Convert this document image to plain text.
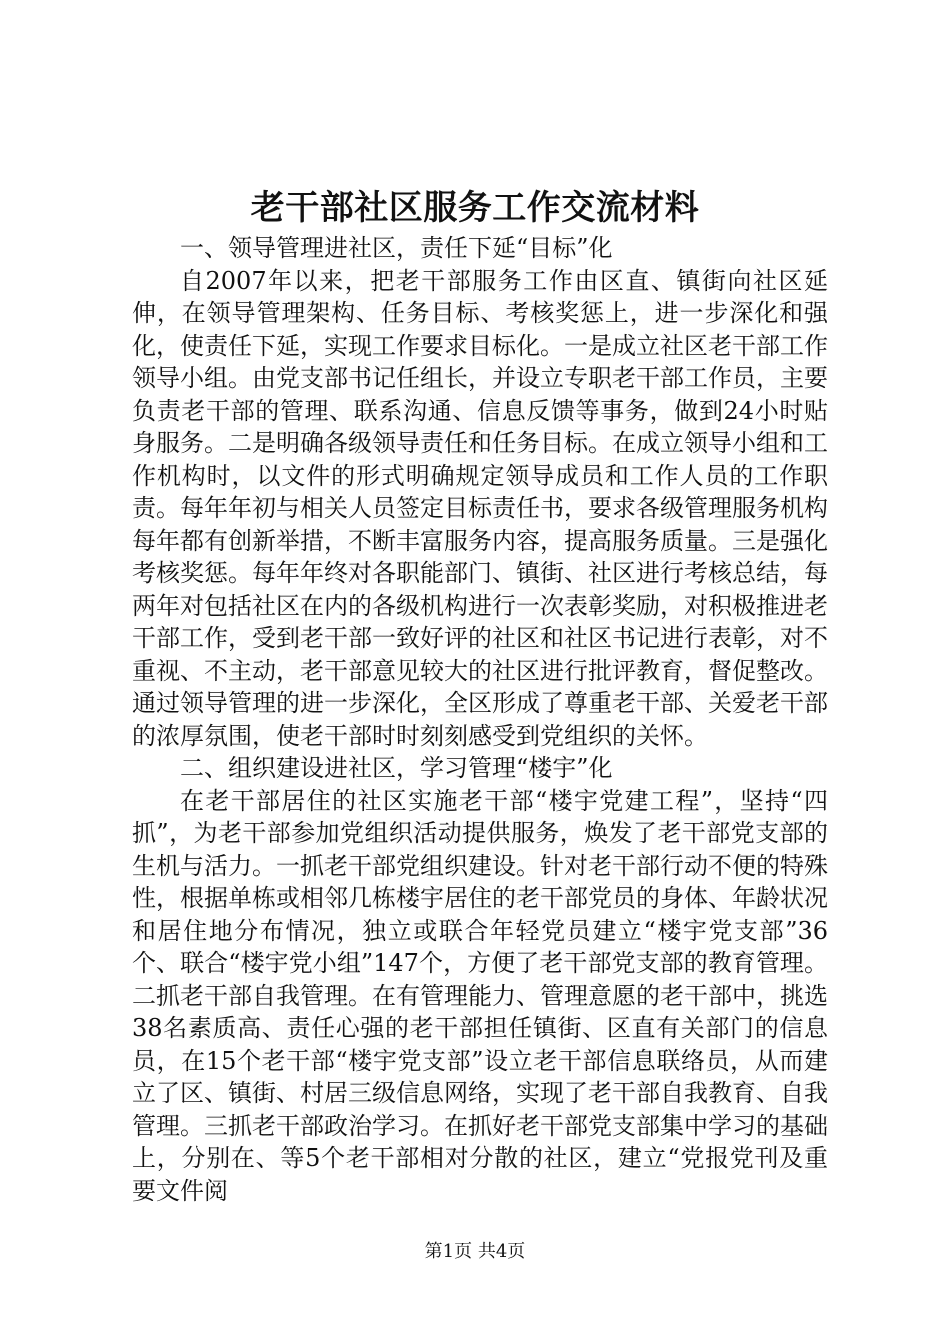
老干部社区服务工作交流材料

一、领导管理进社区，责任下延“目标”化

自2007年以来，把老干部服务工作由区直、镇街向社区延伸，在领导管理架构、任务目标、考核奖惩上，进一步深化和强化，使责任下延，实现工作要求目标化。一是成立社区老干部工作领导小组。由党支部书记任组长，并设立专职老干部工作员，主要负责老干部的管理、联系沟通、信息反馈等事务，做到24小时贴身服务。二是明确各级领导责任和任务目标。在成立领导小组和工作机构时，以文件的形式明确规定领导成员和工作人员的工作职责。每年年初与相关人员签定目标责任书，要求各级管理服务机构每年都有创新举措，不断丰富服务内容，提高服务质量。三是强化考核奖惩。每年年终对各职能部门、镇街、社区进行考核总结，每两年对包括社区在内的各级机构进行一次表彰奖励，对积极推进老干部工作，受到老干部一致好评的社区和社区书记进行表彰，对不重视、不主动，老干部意见较大的社区进行批评教育，督促整改。通过领导管理的进一步深化，全区形成了尊重老干部、关爱老干部的浓厚氛围，使老干部时时刻刻感受到党组织的关怀。

二、组织建设进社区，学习管理“楼宇”化

在老干部居住的社区实施老干部“楼宇党建工程”，坚持“四抓”，为老干部参加党组织活动提供服务，焕发了老干部党支部的生机与活力。一抓老干部党组织建设。针对老干部行动不便的特殊性，根据单栋或相邻几栋楼宇居住的老干部党员的身体、年龄状况和居住地分布情况，独立或联合年轻党员建立“楼宇党支部”36个、联合“楼宇党小组”147个，方便了老干部党支部的教育管理。二抓老干部自我管理。在有管理能力、管理意愿的老干部中，挑选38名素质高、责任心强的老干部担任镇街、区直有关部门的信息员，在15个老干部“楼宇党支部”设立老干部信息联络员，从而建立了区、镇街、村居三级信息网络，实现了老干部自我教育、自我管理。三抓老干部政治学习。在抓好老干部党支部集中学习的基础上，分别在、等5个老干部相对分散的社区，建立“党报党刊及重要文件阅

第1页 共4页
